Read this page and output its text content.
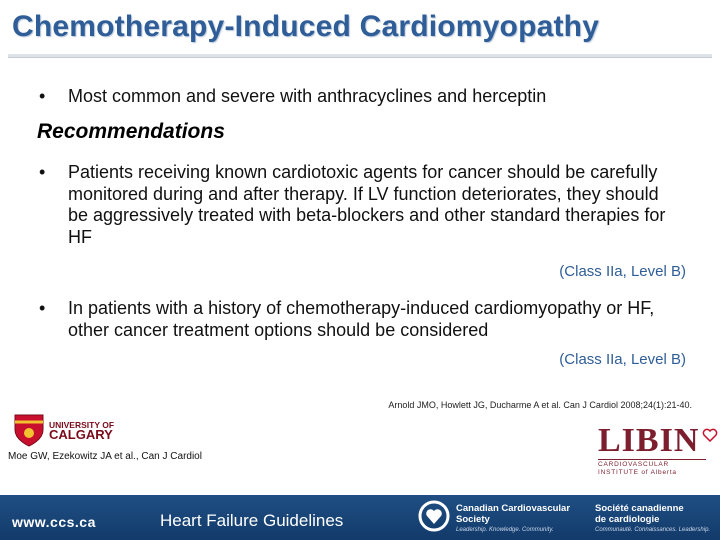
Chemotherapy-Induced Cardiomyopathy
•	Most common and severe with anthracyclines and herceptin
Recommendations
•	Patients receiving known cardiotoxic agents for cancer should be carefully monitored during and after therapy. If LV function deteriorates, they should be aggressively treated with beta-blockers and other standard therapies for HF
(Class IIa, Level B)
•	In patients with a history of chemotherapy-induced cardiomyopathy or HF, other cancer treatment options should be considered
(Class IIa, Level B)
Arnold JMO, Howlett JG, Ducharme A et al. Can J Cardiol 2008;24(1):21-40.
UNIVERSITY OF
CALGARY
Moe GW, Ezekowitz JA et al., Can J Cardiol	LIBIN
CARDIOVASCULAR
INSTITUTE of Alberta
www.ccs.ca	Heart Failure Guidelines
Canadian Cardiovascular
Society
Leadership. Knowledge. Community.
Société canadienne
de cardiologie
Communauté. Connaissances. Leadership.
